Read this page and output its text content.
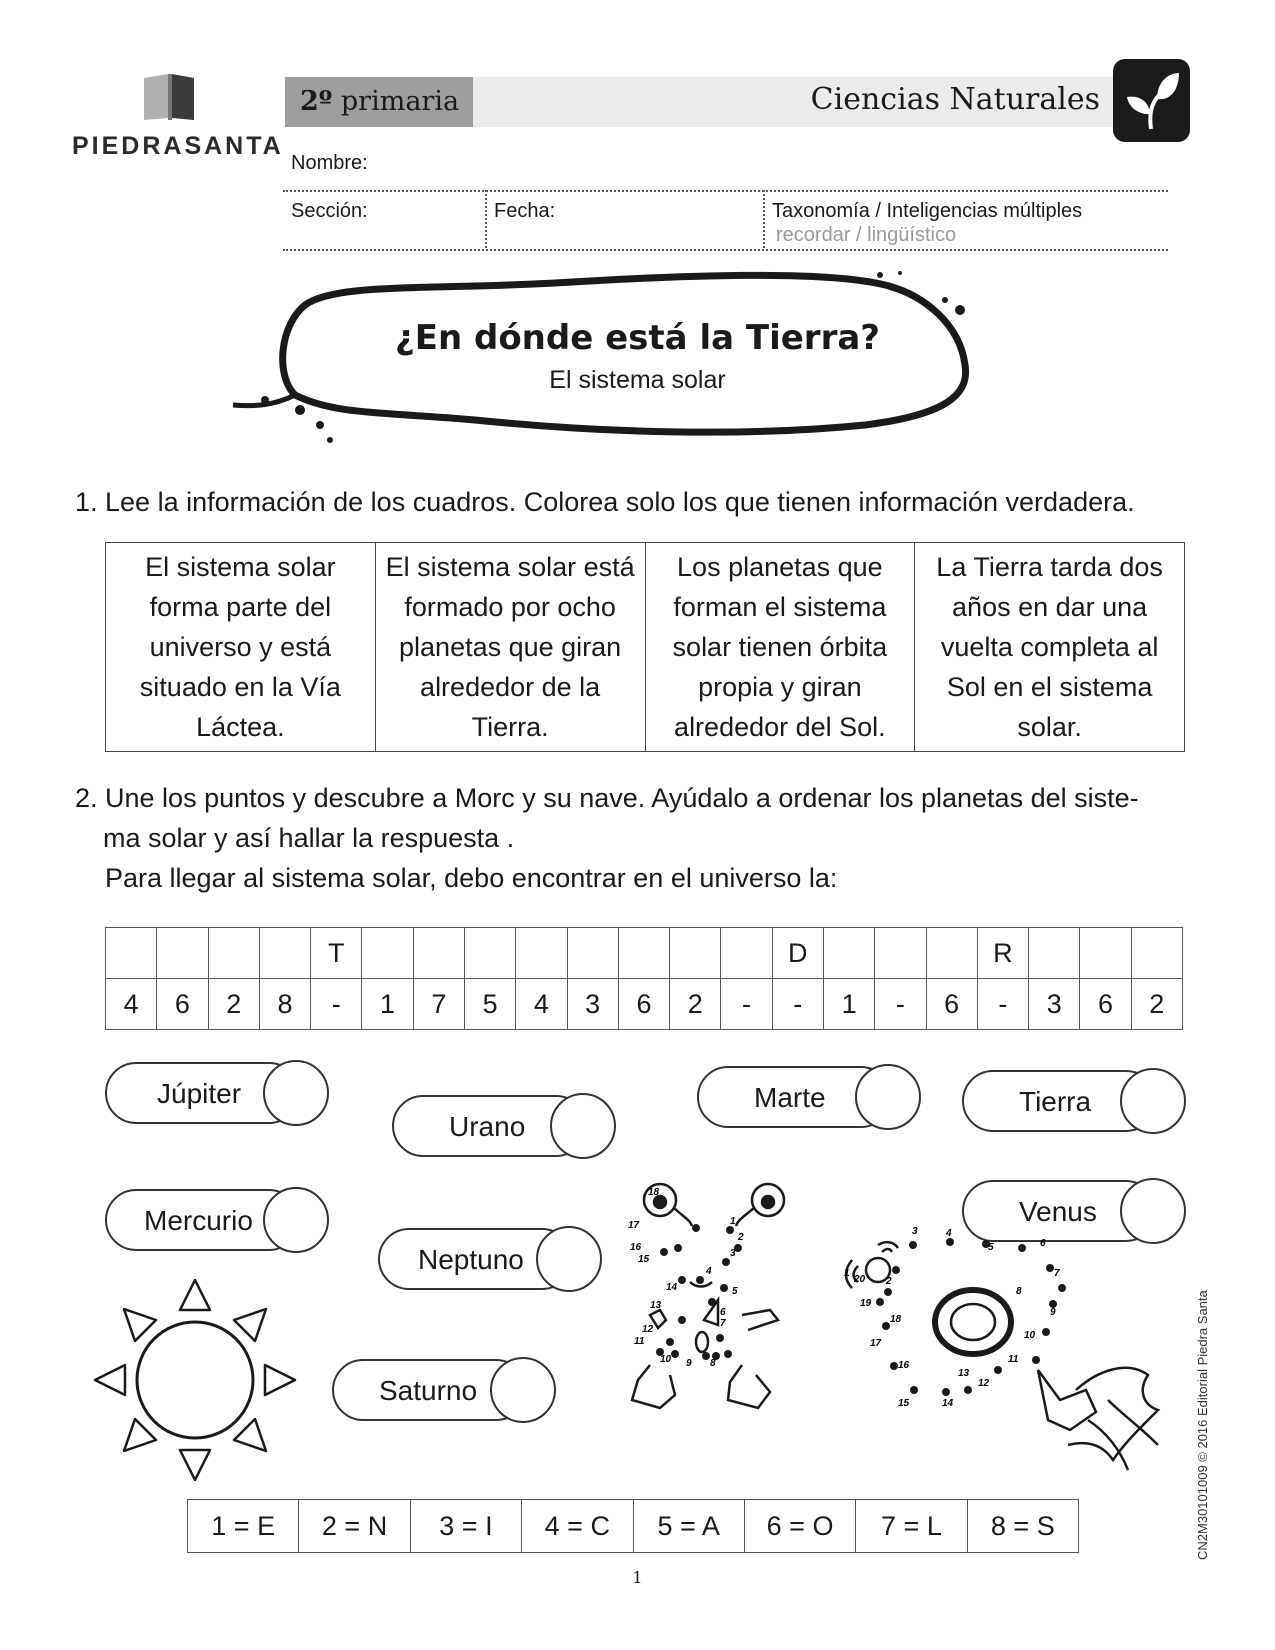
PIEDRASANTA
2º primaria	Ciencias Naturales
Nombre:
Sección:	Fecha:	Taxonomía / Inteligencias múltiples
recordar / lingüístico
¿En dónde está la Tierra?
El sistema solar
1. Lee la información de los cuadros. Colorea solo los que tienen información verdadera.
El sistema solar forma parte del universo y está situado en la Vía Láctea.	El sistema solar está formado por ocho planetas que giran alrededor de la Tierra.	Los planetas que forman el sistema solar tienen órbita propia y giran alrededor del Sol.	La Tierra tarda dos años en dar una vuelta completa al Sol en el sistema solar.
2. Une los puntos y descubre a Morc y su nave. Ayúdalo a ordenar los planetas del siste-
ma solar y así hallar la respuesta .
Para llegar al sistema solar, debo encontrar en el universo la:
				T									D				R			
4	6	2	8	-	1	7	5	4	3	6	2	-	-	1	-	6	-	3	6	2
Júpiter
Urano
Marte	Tierra
Mercurio
Neptuno
Venus
Saturno
18
1
2
3
4
5
6
7
8
9
10
11
12
13
14
15
16
17
1
2
3	4
5	6
7
8
9
10
11
12
13
14
15
16
17
18
19
20
1 = E	2 = N	3 = I	4 = C	5 = A	6 = O	7 = L	8 = S
1
CN2M30101009 © 2016 Editorial Piedra Santa
